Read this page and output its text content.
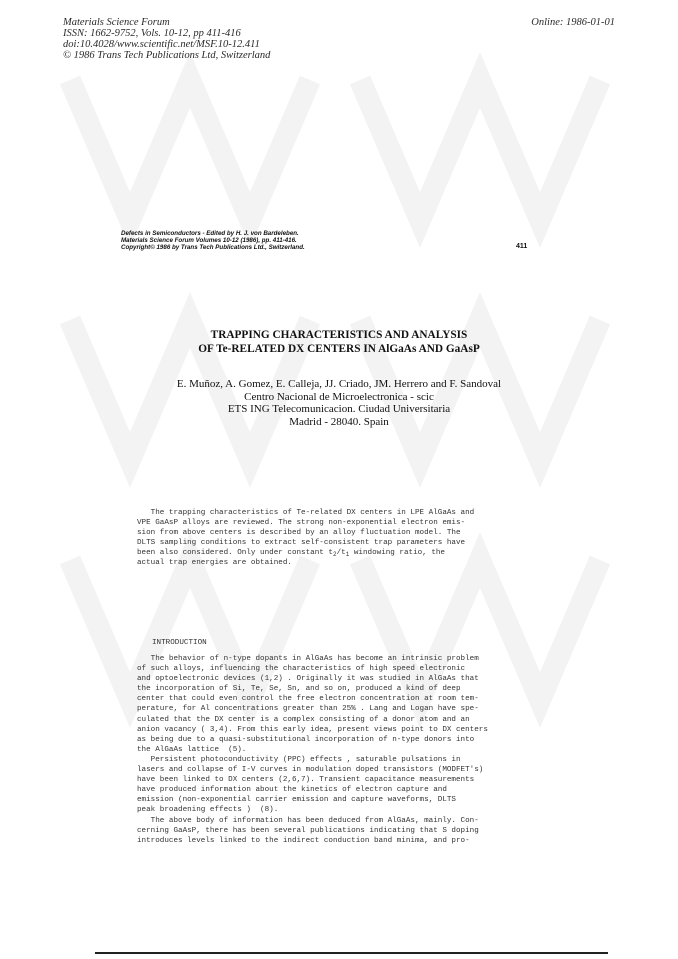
Materials Science Forum
ISSN: 1662-9752, Vols. 10-12, pp 411-416
doi:10.4028/www.scientific.net/MSF.10-12.411
© 1986 Trans Tech Publications Ltd, Switzerland
Online: 1986-01-01
Defects in Semiconductors - Edited by H. J. von Bardeleben.
Materials Science Forum Volumes 10-12 (1986), pp. 411-416.
Copyright© 1986 by Trans Tech Publications Ltd., Switzerland.	411
TRAPPING CHARACTERISTICS AND ANALYSIS
OF Te-RELATED DX CENTERS IN AlGaAs AND GaAsP
E. Muñoz, A. Gomez, E. Calleja, JJ. Criado, JM. Herrero and F. Sandoval
Centro Nacional de Microelectronica - scic
ETS ING Telecomunicacion. Ciudad Universitaria
Madrid - 28040. Spain
The trapping characteristics of Te-related DX centers in LPE AlGaAs and
VPE GaAsP alloys are reviewed. The strong non-exponential electron emis-
sion from above centers is described by an alloy fluctuation model. The
DLTS sampling conditions to extract self-consistent trap parameters have
been also considered. Only under constant $t_2/t_1$ windowing ratio, the
actual trap energies are obtained.
INTRODUCTION
The behavior of n-type dopants in AlGaAs has become an intrinsic problem
of such alloys, influencing the characteristics of high speed electronic
and optoelectronic devices (1,2) . Originally it was studied in AlGaAs that
the incorporation of Si, Te, Se, Sn, and so on, produced a kind of deep
center that could even control the free electron concentration at room tem-
perature, for Al concentrations greater than 25% . Lang and Logan have spe-
culated that the DX center is a complex consisting of a donor atom and an
anion vacancy ( 3,4). From this early idea, present views point to DX centers
as being due to a quasi-substitutional incorporation of n-type donors into
the AlGaAs lattice  (5).
Persistent photoconductivity (PPC) effects , saturable pulsations in
lasers and collapse of I-V curves in modulation doped transistors (MODFET's)
have been linked to DX centers (2,6,7). Transient capacitance measurements
have produced information about the kinetics of electron capture and
emission (non-exponential carrier emission and capture waveforms, DLTS
peak broadening effects )  (8).
The above body of information has been deduced from AlGaAs, mainly. Con-
cerning GaAsP, there has been several publications indicating that S doping
introduces levels linked to the indirect conduction band minima, and pro-
